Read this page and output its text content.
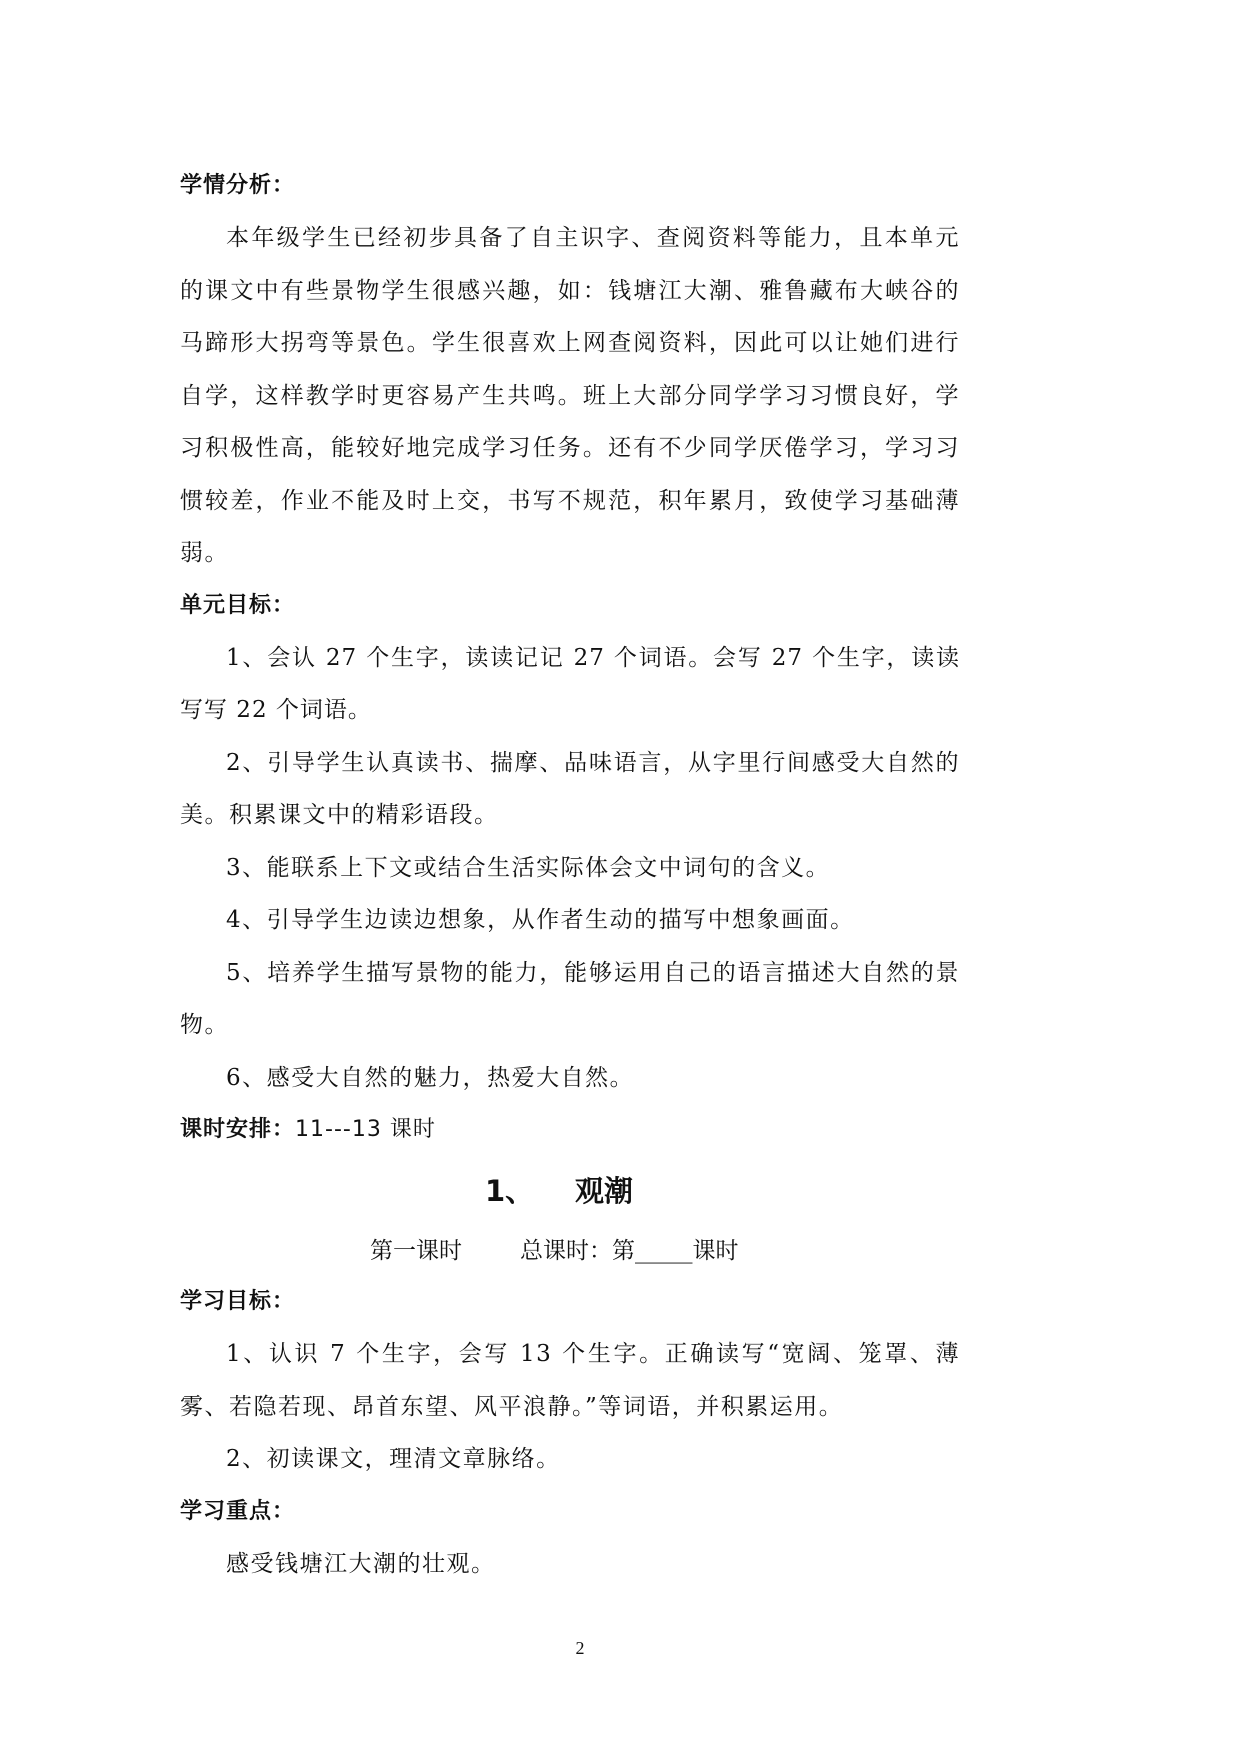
学情分析：

本年级学生已经初步具备了自主识字、查阅资料等能力，且本单元的课文中有些景物学生很感兴趣，如：钱塘江大潮、雅鲁藏布大峡谷的马蹄形大拐弯等景色。学生很喜欢上网查阅资料，因此可以让她们进行自学，这样教学时更容易产生共鸣。班上大部分同学学习习惯良好，学习积极性高，能较好地完成学习任务。还有不少同学厌倦学习，学习习惯较差，作业不能及时上交，书写不规范，积年累月，致使学习基础薄弱。

单元目标：

1、会认 27 个生字，读读记记 27 个词语。会写 27 个生字，读读写写 22 个词语。

2、引导学生认真读书、揣摩、品味语言，从字里行间感受大自然的美。积累课文中的精彩语段。

3、能联系上下文或结合生活实际体会文中词句的含义。

4、引导学生边读边想象，从作者生动的描写中想象画面。

5、培养学生描写景物的能力，能够运用自己的语言描述大自然的景物。

6、感受大自然的魅力，热爱大自然。

课时安排：11---13 课时
1、 观潮
第一课时	总课时：第_____课时
学习目标：

1、认识 7 个生字，会写 13 个生字。正确读写“宽阔、笼罩、薄雾、若隐若现、昂首东望、风平浪静。”等词语，并积累运用。

2、初读课文，理清文章脉络。

学习重点：

感受钱塘江大潮的壮观。

2
